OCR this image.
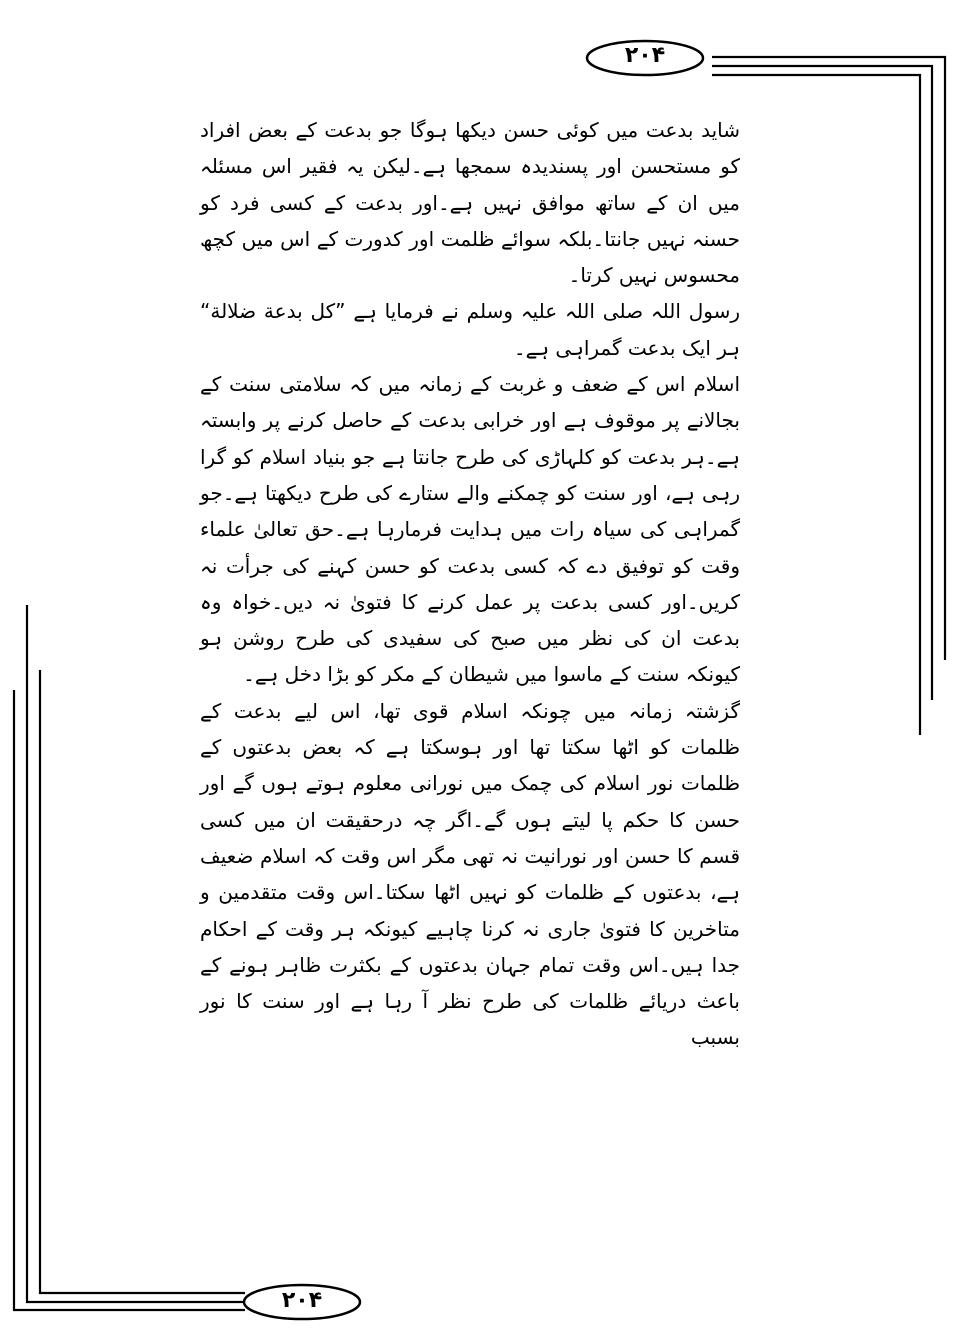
۲۰۴
۲۰۴

شاید بدعت میں کوئی حسن دیکھا ہوگا جو بدعت کے بعض افراد کو مستحسن اور پسندیدہ سمجھا ہے۔لیکن یہ فقیر اس مسئلہ میں ان کے ساتھ موافق نہیں ہے۔اور بدعت کے کسی فرد کو حسنہ نہیں جانتا۔بلکہ سوائے ظلمت اور کدورت کے اس میں کچھ محسوس نہیں کرتا۔

رسول اللہ صلی اللہ علیہ وسلم نے فرمایا ہے ”کل بدعة ضلالة“ ہر ایک بدعت گمراہی ہے۔

اسلام اس کے ضعف و غربت کے زمانہ میں کہ سلامتی سنت کے بجالانے پر موقوف ہے اور خرابی بدعت کے حاصل کرنے پر وابستہ ہے۔ہر بدعت کو کلہاڑی کی طرح جانتا ہے جو بنیاد اسلام کو گرا رہی ہے، اور سنت کو چمکنے والے ستارے کی طرح دیکھتا ہے۔جو گمراہی کی سیاہ رات میں ہدایت فرمارہا ہے۔حق تعالیٰ علماء وقت کو توفیق دے کہ کسی بدعت کو حسن کہنے کی جرأت نہ کریں۔اور کسی بدعت پر عمل کرنے کا فتویٰ نہ دیں۔خواہ وہ بدعت ان کی نظر میں صبح کی سفیدی کی طرح روشن ہو کیونکہ سنت کے ماسوا میں شیطان کے مکر کو بڑا دخل ہے۔

گزشتہ زمانہ میں چونکہ اسلام قوی تھا، اس لیے بدعت کے ظلمات کو اٹھا سکتا تھا اور ہوسکتا ہے کہ بعض بدعتوں کے ظلمات نور اسلام کی چمک میں نورانی معلوم ہوتے ہوں گے اور حسن کا حکم پا لیتے ہوں گے۔اگر چہ درحقیقت ان میں کسی قسم کا حسن اور نورانیت نہ تھی مگر اس وقت کہ اسلام ضعیف ہے، بدعتوں کے ظلمات کو نہیں اٹھا سکتا۔اس وقت متقدمین و متاخرین کا فتویٰ جاری نہ کرنا چاہیے کیونکہ ہر وقت کے احکام جدا ہیں۔اس وقت تمام جہان بدعتوں کے بکثرت ظاہر ہونے کے باعث دریائے ظلمات کی طرح نظر آ رہا ہے اور سنت کا نور بسبب
